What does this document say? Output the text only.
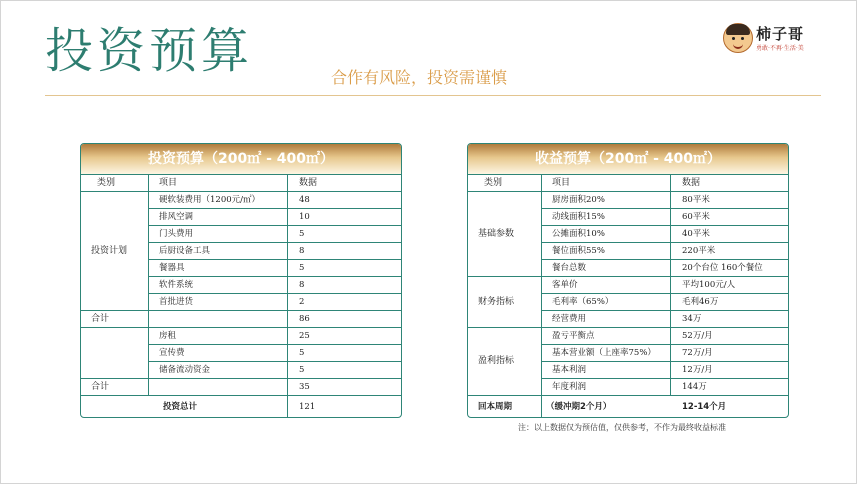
投资预算	合作有风险，投资需谨慎
柿子哥
勇敢·不再·生活·美
投资预算（200㎡ - 400㎡）
类别	项目	数据
投资计划
硬软装费用（1200元/㎡）	48
排风空调	10
门头费用	5
后厨设备工具	8
餐器具	5
软件系统	8
首批进货	2
合计	86
房租	25
宣传费	5
储备流动资金	5
合计	35
投资总计	121
收益预算（200㎡ - 400㎡）
类别	项目	数据
基础参数
厨房面积20%	80平米
动线面积15%	60平米
公摊面积10%	40平米
餐位面积55%	220平米
餐台总数	20个台位 160个餐位
财务指标
客单价	平均100元/人
毛利率（65%）	毛利46万
经营费用	34万
盈利指标
盈亏平衡点	52万/月
基本营业额（上座率75%）	72万/月
基本利润	12万/月
年度利润	144万
回本周期	（缓冲期2个月）	12-14个月
注：以上数据仅为预估值，仅供参考，不作为最终收益标准
